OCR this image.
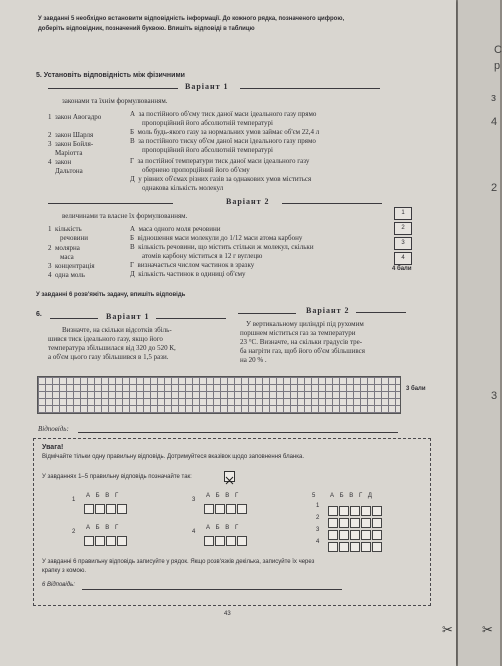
У завданні 5 необхідно встановити відповідність інформації. До кожного рядка, позначеного цифрою,
доберіть відповідник, позначений буквою. Впишіть відповіді в таблицю
5. Установіть відповідність між фізичними
Варіант 1
законами та їхнім формулюванням.
1 закон Авогадро
2 закон Шарля
3 закон Бойля-Маріотта
4 закон Дальтона
А за постійного об'єму тиск даної маси ідеального газу прямо
пропорційний його абсолютній температурі
Б моль будь-якого газу за нормальних умов займає об'єм 22,4 л
В за постійного тиску об'єм даної маси ідеального газу прямо
пропорційний його абсолютній температурі
Г за постійної температури тиск даної маси ідеального газу
обернено пропорційний його об'єму
Д у рівних об'ємах різних газів за однакових умов міститься
однакова кількість молекул
Варіант 2
величинами та власне їх формулюванням.
1 кількість
речовини
2 молярна
маса
3 концентрація
4 одна моль
А маса одного моля речовини
Б відношення маси молекули до 1/12 маси атома карбону
В кількість речовини, що містить стільки ж молекул, скільки
атомів карбону міститься в 12 г вуглецю
Г визначається числом частинок в зразку
Д кількість частинок в одиниці об'єму
1
2
3
4
4 бали
У завданні 6 розв'яжіть задачу, впишіть відповідь
6.	Варіант 1
Варіант 2
Визначте, на скільки відсотків збіль-
шився тиск ідеального газу, якщо його
температура збільшилася від 320 до 520 К,
а об'єм цього газу збільшився в 1,5 рази.
У вертикальному циліндрі під рухомим
поршнем міститься газ за температури
23 °С. Визначте, на скільки градусів тре-
ба нагріти газ, щоб його об'єм збільшився
на 20 % .
3 бали
Відповідь:
Увага!
Відмічайте тільки одну правильну відповідь. Дотримуйтеся вказівок щодо заповнення бланка.
У завданнях 1–5 правильну відповідь позначайте так:
1
А Б В Г
3
А Б В Г
2
А Б В Г
4
А Б В Г
5 А Б В Г Д
1
2
3
4
У завданні 6 правильну відповідь записуйте у рядок. Якщо розв'язків декілька, записуйте їх через
крапку з комою.
6 Відповідь:
43
✂
С
р
з
4
2
3
✂
